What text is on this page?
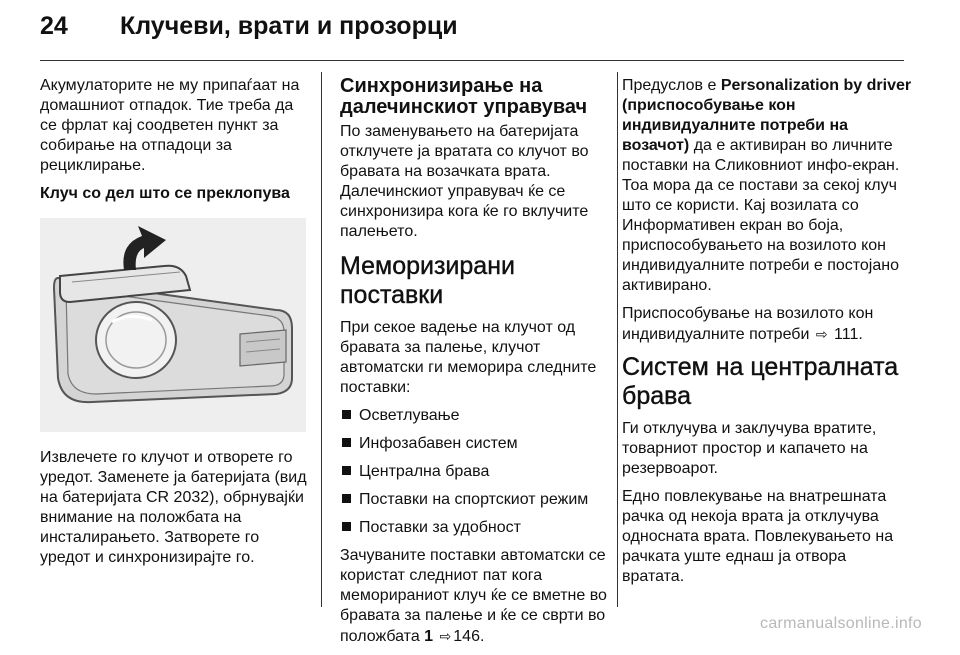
24 Клучеви, врати и прозорци

Акумулаторите не му припаѓаат на домашниот отпадок. Тие треба да се фрлат кај соодветен пункт за собирање на отпадоци за рециклирање.

Клуч со дел што се преклопува

Извлечете го клучот и отворете го уредот. Заменете ја батеријата (вид на батеријата CR 2032), обрнувајќи внимание на положбата на инсталирањето. Затворете го уредот и синхронизирајте го.

Синхронизирање на далечинскиот управувач

По заменувањето на батеријата отклучете ја вратата со клучот во бравата на возачката врата. Далечинскиот управувач ќе се синхронизира кога ќе го вклучите палењето.

Меморизирани поставки

При секое вадење на клучот од бравата за палење, клучот автоматски ги меморира следните поставки:

Осветлување
Инфозабавен систем
Централна брава
Поставки на спортскиот режим
Поставки за удобност

Зачуваните поставки автоматски се користат следниот пат кога меморираниот клуч ќе се вметне во бравата за палење и ќе се сврти во положбата 1 ⇨ 146.

Предуслов е Personalization by driver (приспособување кон индивидуалните потреби на возачот) да е активиран во личните поставки на Сликовниот инфо-екран. Тоа мора да се постави за секој клуч што се користи. Кај возилата со Информативен екран во боја, приспособувањето на возилото кон индивидуалните потреби е постојано активирано.

Приспособување на возилото кон индивидуалните потреби ⇨ 111.

Систем на централната брава

Ги отклучува и заклучува вратите, товарниот простор и капачето на резервоарот.

Едно повлекување на внатрешната рачка од некоја врата ја отклучува односната врата. Повлекувањето на рачката уште еднаш ја отвора вратата.

carmanualsonline.info
